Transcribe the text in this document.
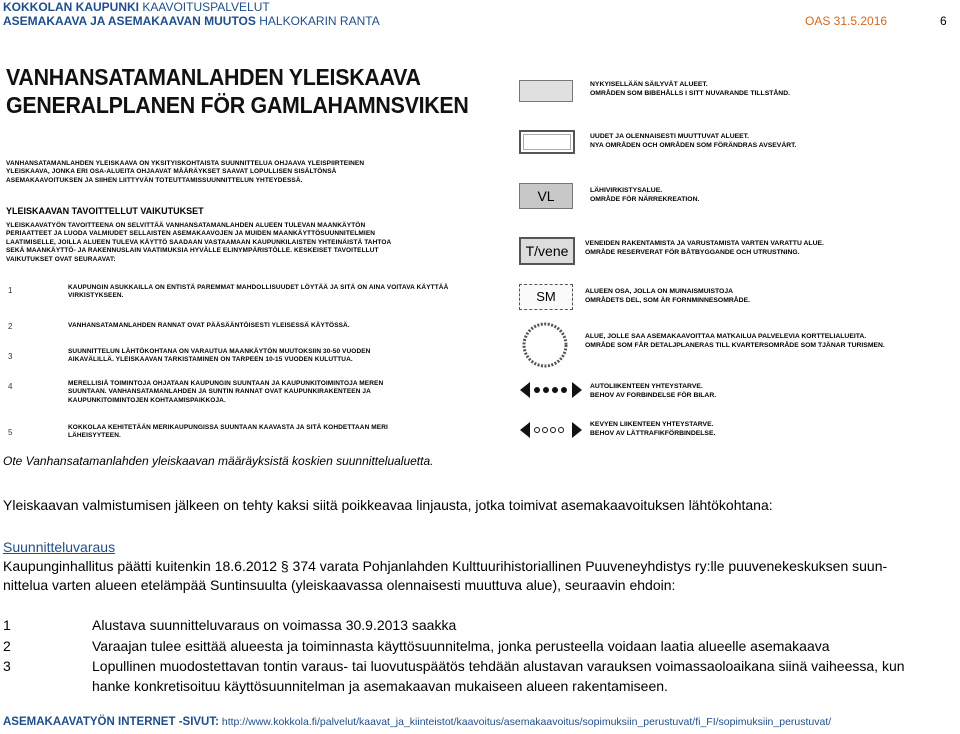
KOKKOLAN KAUPUNKI KAAVOITUSPALVELUT
ASEMAKAAVA JA ASEMAKAAVAN MUUTOS HALKOKARIN RANTA	OAS 31.5.2016	6
VANHANSATAMANLAHDEN YLEISKAAVA
GENERALPLANEN FÖR GAMLAHAMNSVIKEN
VANHANSATAMANLAHDEN YLEISKAAVA ON YKSITYISKOHTAISTA SUUNNITTELUA OHJAAVA YLEISPIIRTEINEN
YLEISKAAVA, JONKA ERI OSA-ALUEITA OHJAAVAT MÄÄRÄYKSET SAAVAT LOPULLISEN SISÄLTÖNSÄ
ASEMAKAAVOITUKSEN JA SIIHEN LIITTYVÄN TOTEUTTAMISSUUNNITTELUN YHTEYDESSÄ.
YLEISKAAVAN TAVOITTELLUT VAIKUTUKSET
YLEISKAAVATYÖN TAVOITTEENA ON SELVITTÄÄ VANHANSATAMANLAHDEN ALUEEN TULEVAN MAANKÄYTÖN
PERIAATTEET JA LUODA VALMIUDET SELLAISTEN ASEMAKAAVOJEN JA MUIDEN MAANKÄYTTÖSUUNNITELMIEN
LAATIMISELLE, JOILLA ALUEEN TULEVA KÄYTTÖ SAADAAN VASTAAMAAN KAUPUNKILAISTEN YHTEINÄISTÄ TAHTOA
SEKÄ MAANKÄYTTÖ- JA RAKENNUSLAIN VAATIMUKSIA HYVÄLLE ELINYMPÄRISTÖLLE. KESKEISET TAVOITELLUT
VAIKUTUKSET OVAT SEURAAVAT:
1	KAUPUNGIN ASUKKAILLA ON ENTISTÄ PAREMMAT MAHDOLLISUUDET LÖYTÄÄ JA SITÄ ON AINA VOITAVA KÄYTTÄÄ
VIRKISTYKSEEN.
2	VANHANSATAMANLAHDEN RANNAT OVAT PÄÄSÄÄNTÖISESTI YLEISESSÄ KÄYTÖSSÄ.
3
SUUNNITTELUN LÄHTÖKOHTANA ON VARAUTUA MAANKÄYTÖN MUUTOKSIIN 30-50 VUODEN
AIKAVÄLILLÄ. YLEISKAAVAN TARKISTAMINEN ON TARPEEN 10-15 VUODEN KULUTTUA.
4	MERELLISIÄ TOIMINTOJA OHJATAAN KAUPUNGIN SUUNTAAN JA KAUPUNKITOIMINTOJA MEREN
SUUNTAAN. VANHANSATAMANLAHDEN JA SUNTIN RANNAT OVAT KAUPUNKIRAKENTEEN JA
KAUPUNKITOIMINTOJEN KOHTAAMISPAIKKOJA.
5
KOKKOLAA KEHITETÄÄN MERIKAUPUNGISSA SUUNTAAN KAAVASTA JA SITÄ KOHDETTAAN MERI
LÄHEISYYTEEN.
VL
T/vene
SM
NYKYISELLÄÄN SÄILYVÄT ALUEET.
OMRÅDEN SOM BIBEHÅLLS I SITT NUVARANDE TILLSTÅND.
UUDET JA OLENNAISESTI MUUTTUVAT ALUEET.
NYA OMRÅDEN OCH OMRÅDEN SOM FÖRÄNDRAS AVSEVÄRT.
LÄHIVIRKISTYSALUE.
OMRÅDE FÖR NÄRREKREATION.
VENEIDEN RAKENTAMISTA JA VARUSTAMISTA VARTEN VARATTU ALUE.
OMRÅDE RESERVERAT FÖR BÅTBYGGANDE OCH UTRUSTNING.
ALUEEN OSA, JOLLA ON MUINAISMUISTOJA
OMRÅDETS DEL, SOM ÄR FORNMINNESOMRÅDE.
ALUE, JOLLE SAA ASEMAKAAVOITTAA MATKAILUA PALVELEVIA KORTTELIALUEITA.
OMRÅDE SOM FÅR DETALJPLANERAS TILL KVARTERSOMRÅDE SOM TJÄNAR TURISMEN.
AUTOLIIKENTEEN YHTEYSTARVE.
BEHOV AV FORBINDELSE FÖR BILAR.
KEVYEN LIIKENTEEN YHTEYSTARVE.
BEHOV AV LÄTTRAFIKFÖRBINDELSE.
Ote Vanhansatamanlahden yleiskaavan määräyksistä koskien suunnittelualuetta.
Yleiskaavan valmistumisen jälkeen on tehty kaksi siitä poikkeavaa linjausta, jotka toimivat asemakaavoituksen lähtökohtana:
Suunnitteluvaraus
Kaupunginhallitus päätti kuitenkin 18.6.2012 § 374 varata Pohjanlahden Kulttuurihistoriallinen Puuveneyhdistys ry:lle puuvenekeskuksen suun-
nittelua varten alueen etelämpää Suntinsuulta (yleiskaavassa olennaisesti muuttuva alue), seuraavin ehdoin:
1	Alustava suunnitteluvaraus on voimassa 30.9.2013 saakka
2	Varaajan tulee esittää alueesta ja toiminnasta käyttösuunnitelma, jonka perusteella voidaan laatia alueelle asemakaava
3	Lopullinen muodostettavan tontin varaus- tai luovutuspäätös tehdään alustavan varauksen voimassaoloaikana siinä vaiheessa, kun
hanke konkretisoituu käyttösuunnitelman ja asemakaavan mukaiseen alueen rakentamiseen.
ASEMAKAAVATYÖN INTERNET -SIVUT: http://www.kokkola.fi/palvelut/kaavat_ja_kiinteistot/kaavoitus/asemakaavoitus/sopimuksiin_perustuvat/fi_FI/sopimuksiin_perustuvat/
